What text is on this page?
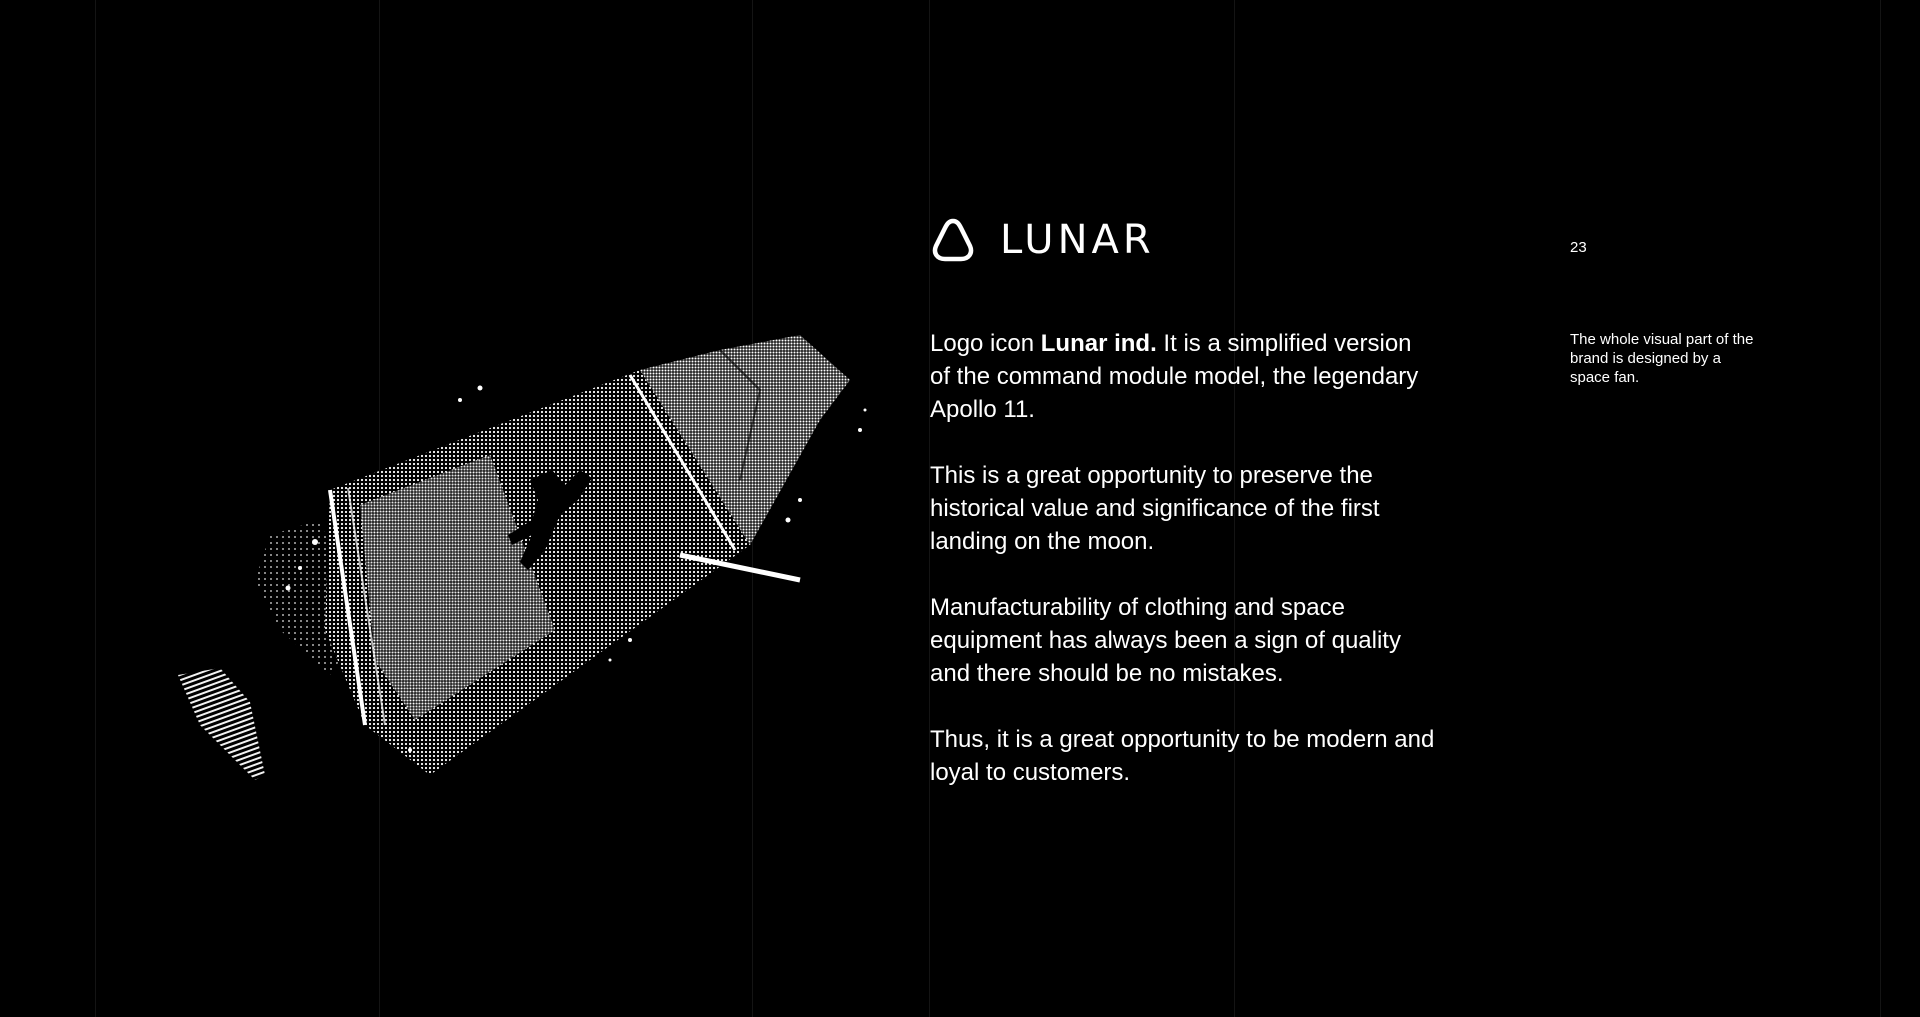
LUNAR	23

Logo icon Lunar ind. It is a simplified version of the command module model, the legendary Apollo 11.

This is a great opportunity to preserve the historical value and significance of the first landing on the moon.

Manufacturability of clothing and space equipment has always been a sign of quality and there should be no mistakes.

Thus, it is a great opportunity to be modern and loyal to customers.

The whole visual part of the brand is designed by a space fan.
